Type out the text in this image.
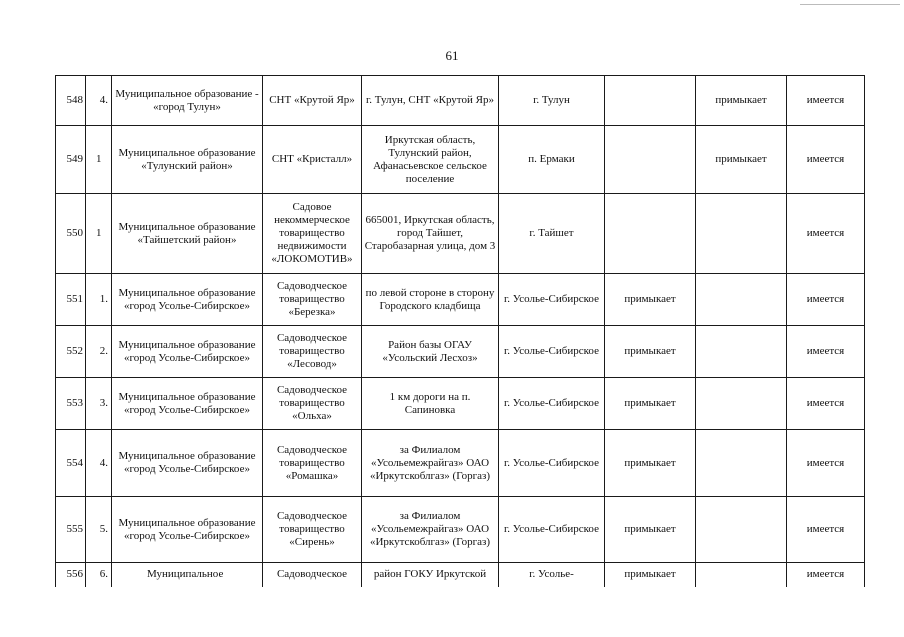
61
548	4.	Муниципальное образование - «город Тулун»	СНТ «Крутой Яр»	г. Тулун, СНТ «Крутой Яр»	г. Тулун		примыкает	имеется
549	1	Муниципальное образование «Тулунский район»	СНТ «Кристалл»	Иркутская область, Тулунский район, Афанасьевское сельское поселение	п. Ермаки		примыкает	имеется
550	1	Муниципальное образование «Тайшетский район»	Садовое некоммерческое товарищество недвижимости «ЛОКОМОТИВ»	665001, Иркутская область, город Тайшет, Старобазарная улица, дом 3	г. Тайшет			имеется
551	1.	Муниципальное образование «город Усолье-Сибирское»	Садоводческое товарищество «Березка»	по левой стороне в сторону Городского кладбища	г. Усолье-Сибирское	примыкает		имеется
552	2.	Муниципальное образование «город Усолье-Сибирское»	Садоводческое товарищество «Лесовод»	Район базы ОГАУ «Усольский Лесхоз»	г. Усолье-Сибирское	примыкает		имеется
553	3.	Муниципальное образование «город Усолье-Сибирское»	Садоводческое товарищество «Ольха»	1 км дороги на п. Сапиновка	г. Усолье-Сибирское	примыкает		имеется
554	4.	Муниципальное образование «город Усолье-Сибирское»	Садоводческое товарищество «Ромашка»	за Филиалом «Усольемежрайгаз» ОАО «Иркутскоблгаз» (Горгаз)	г. Усолье-Сибирское	примыкает		имеется
555	5.	Муниципальное образование «город Усолье-Сибирское»	Садоводческое товарищество «Сирень»	за Филиалом «Усольемежрайгаз» ОАО «Иркутскоблгаз» (Горгаз)	г. Усолье-Сибирское	примыкает		имеется
556	6.	Муниципальное	Садоводческое	район ГОКУ Иркутской	г. Усолье-	примыкает		имеется
